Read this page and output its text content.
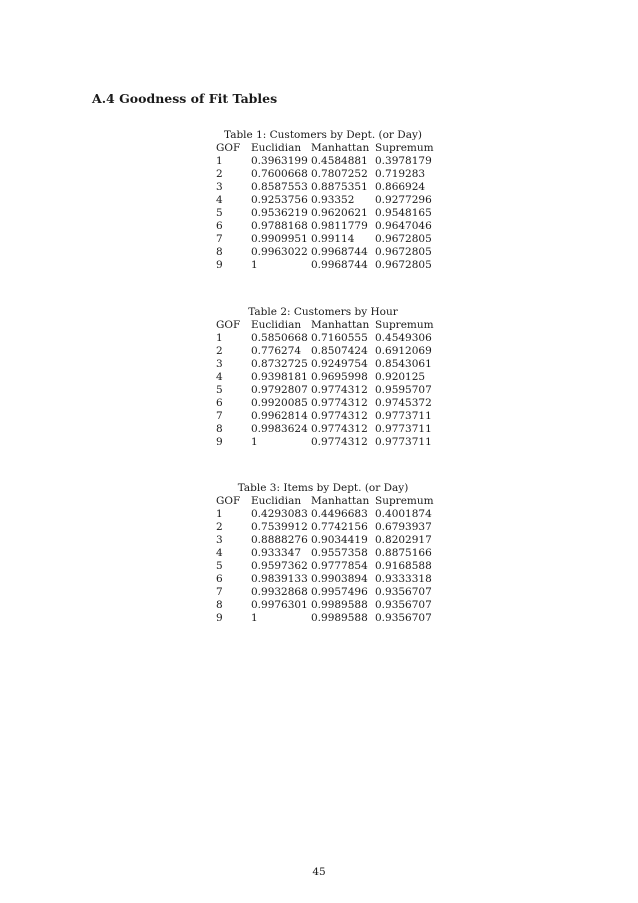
A.4 Goodness of Fit Tables

Table 1: Customers by Dept. (or Day)

GOF	Euclidian	Manhattan	Supremum
1	0.3963199	0.4584881	0.3978179
2	0.7600668	0.7807252	0.719283
3	0.8587553	0.8875351	0.866924
4	0.9253756	0.93352	0.9277296
5	0.9536219	0.9620621	0.9548165
6	0.9788168	0.9811779	0.9647046
7	0.9909951	0.99114	0.9672805
8	0.9963022	0.9968744	0.9672805
9	1	0.9968744	0.9672805

Table 2: Customers by Hour

GOF	Euclidian	Manhattan	Supremum
1	0.5850668	0.7160555	0.4549306
2	0.776274	0.8507424	0.6912069
3	0.8732725	0.9249754	0.8543061
4	0.9398181	0.9695998	0.920125
5	0.9792807	0.9774312	0.9595707
6	0.9920085	0.9774312	0.9745372
7	0.9962814	0.9774312	0.9773711
8	0.9983624	0.9774312	0.9773711
9	1	0.9774312	0.9773711

Table 3: Items by Dept. (or Day)

GOF	Euclidian	Manhattan	Supremum
1	0.4293083	0.4496683	0.4001874
2	0.7539912	0.7742156	0.6793937
3	0.8888276	0.9034419	0.8202917
4	0.933347	0.9557358	0.8875166
5	0.9597362	0.9777854	0.9168588
6	0.9839133	0.9903894	0.9333318
7	0.9932868	0.9957496	0.9356707
8	0.9976301	0.9989588	0.9356707
9	1	0.9989588	0.9356707

45
